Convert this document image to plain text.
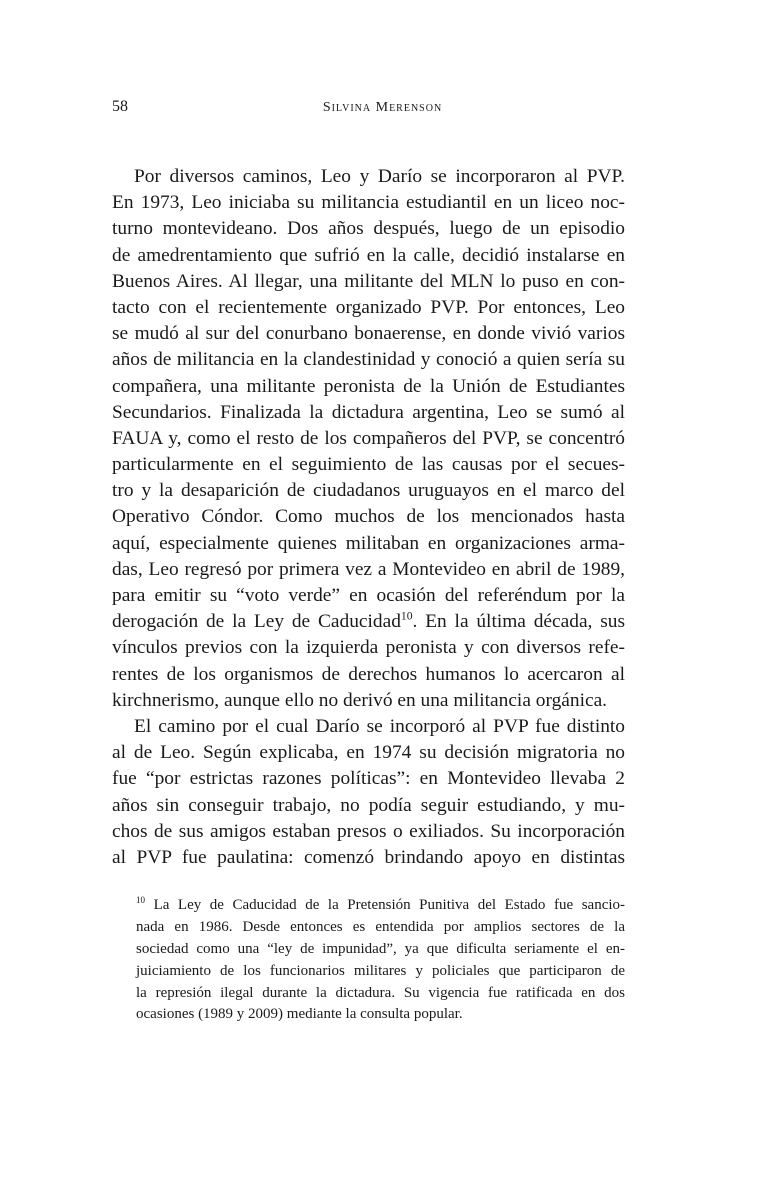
58	Silvina Merenson
Por diversos caminos, Leo y Darío se incorporaron al PVP.
En 1973, Leo iniciaba su militancia estudiantil en un liceo noc-
turno montevideano. Dos años después, luego de un episodio
de amedrentamiento que sufrió en la calle, decidió instalarse en
Buenos Aires. Al llegar, una militante del MLN lo puso en con-
tacto con el recientemente organizado PVP. Por entonces, Leo
se mudó al sur del conurbano bonaerense, en donde vivió varios
años de militancia en la clandestinidad y conoció a quien sería su
compañera, una militante peronista de la Unión de Estudiantes
Secundarios. Finalizada la dictadura argentina, Leo se sumó al
FAUA y, como el resto de los compañeros del PVP, se concentró
particularmente en el seguimiento de las causas por el secues-
tro y la desaparición de ciudadanos uruguayos en el marco del
Operativo Cóndor. Como muchos de los mencionados hasta
aquí, especialmente quienes militaban en organizaciones arma-
das, Leo regresó por primera vez a Montevideo en abril de 1989,
para emitir su “voto verde” en ocasión del referéndum por la
derogación de la Ley de Caducidad$^{10}$. En la última década, sus
vínculos previos con la izquierda peronista y con diversos refe-
rentes de los organismos de derechos humanos lo acercaron al
kirchnerismo, aunque ello no derivó en una militancia orgánica.
El camino por el cual Darío se incorporó al PVP fue distinto
al de Leo. Según explicaba, en 1974 su decisión migratoria no
fue “por estrictas razones políticas”: en Montevideo llevaba 2
años sin conseguir trabajo, no podía seguir estudiando, y mu-
chos de sus amigos estaban presos o exiliados. Su incorporación
al PVP fue paulatina: comenzó brindando apoyo en distintas
$^{10}$ La Ley de Caducidad de la Pretensión Punitiva del Estado fue sancio-
nada en 1986. Desde entonces es entendida por amplios sectores de la
sociedad como una “ley de impunidad”, ya que dificulta seriamente el en-
juiciamiento de los funcionarios militares y policiales que participaron de
la represión ilegal durante la dictadura. Su vigencia fue ratificada en dos
ocasiones (1989 y 2009) mediante la consulta popular.
